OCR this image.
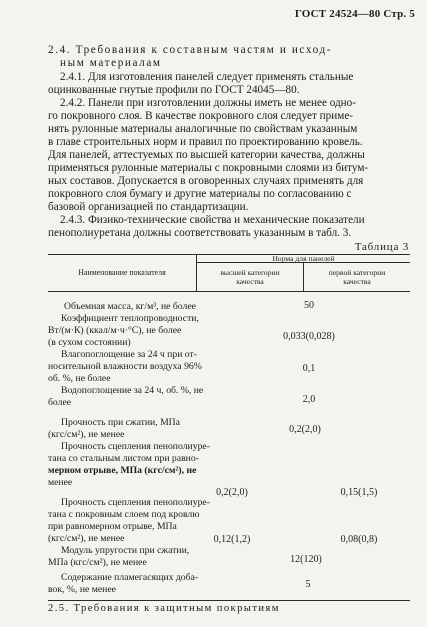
ГОСТ 24524—80 Стр. 5
2.4. Требования к составным частям и исход-
ным материалам
2.4.1. Для изготовления панелей следует применять стальные
оцинкованные гнутые профили по ГОСТ 24045—80.
2.4.2. Панели при изготовлении должны иметь не менее одно-
го покровного слоя. В качестве покровного слоя следует приме-
нять рулонные материалы аналогичные по свойствам указанным
в главе строительных норм и правил по проектированию кровель.
Для панелей, аттестуемых по высшей категории качества, должны
применяться рулонные материалы с покровными слоями из битум-
ных составов. Допускается в оговоренных случаях применять для
покровного слоя бумагу и другие материалы по согласованию с
базовой организацией по стандартизации.
2.4.3. Физико-технические свойства и механические показатели
пенополиуретана должны соответствовать указанным в табл. 3.
Таблица 3
Наименование показателя
Норма для панелей
высшей категории
качества
первой категории
качества
Объемная масса, кг/м³, не более	50
Коэффициент теплопроводности,
Вт/(м·К) (ккал/м·ч·°С), не более
(в сухом состоянии)
0,033(0,028)
Влагопоглощение за 24 ч при от-
носительной влажности воздуха 96%
об. %, не более
0,1
Водопоглощение за 24 ч, об. %, не
более	2,0
Прочность при сжатии, МПа
(кгс/см²), не менее	0,2(2,0)
Прочность сцепления пенополиуре-
тана со стальным листом при равно-
мерном отрыве, МПа (кгс/см²), не
менее
0,2(2,0)	0,15(1,5)
Прочность сцепления пенополиуре-
тана с покровным слоем под кровлю
при равномерном отрыве, МПа
(кгс/см²), не менее	0,12(1,2)	0,08(0,8)
Модуль упругости при сжатии,
МПа (кгс/см²), не менее	12(120)
Содержание пламегасящих доба-
вок, %, не менее	5
2.5. Требования к защитным покрытиям
